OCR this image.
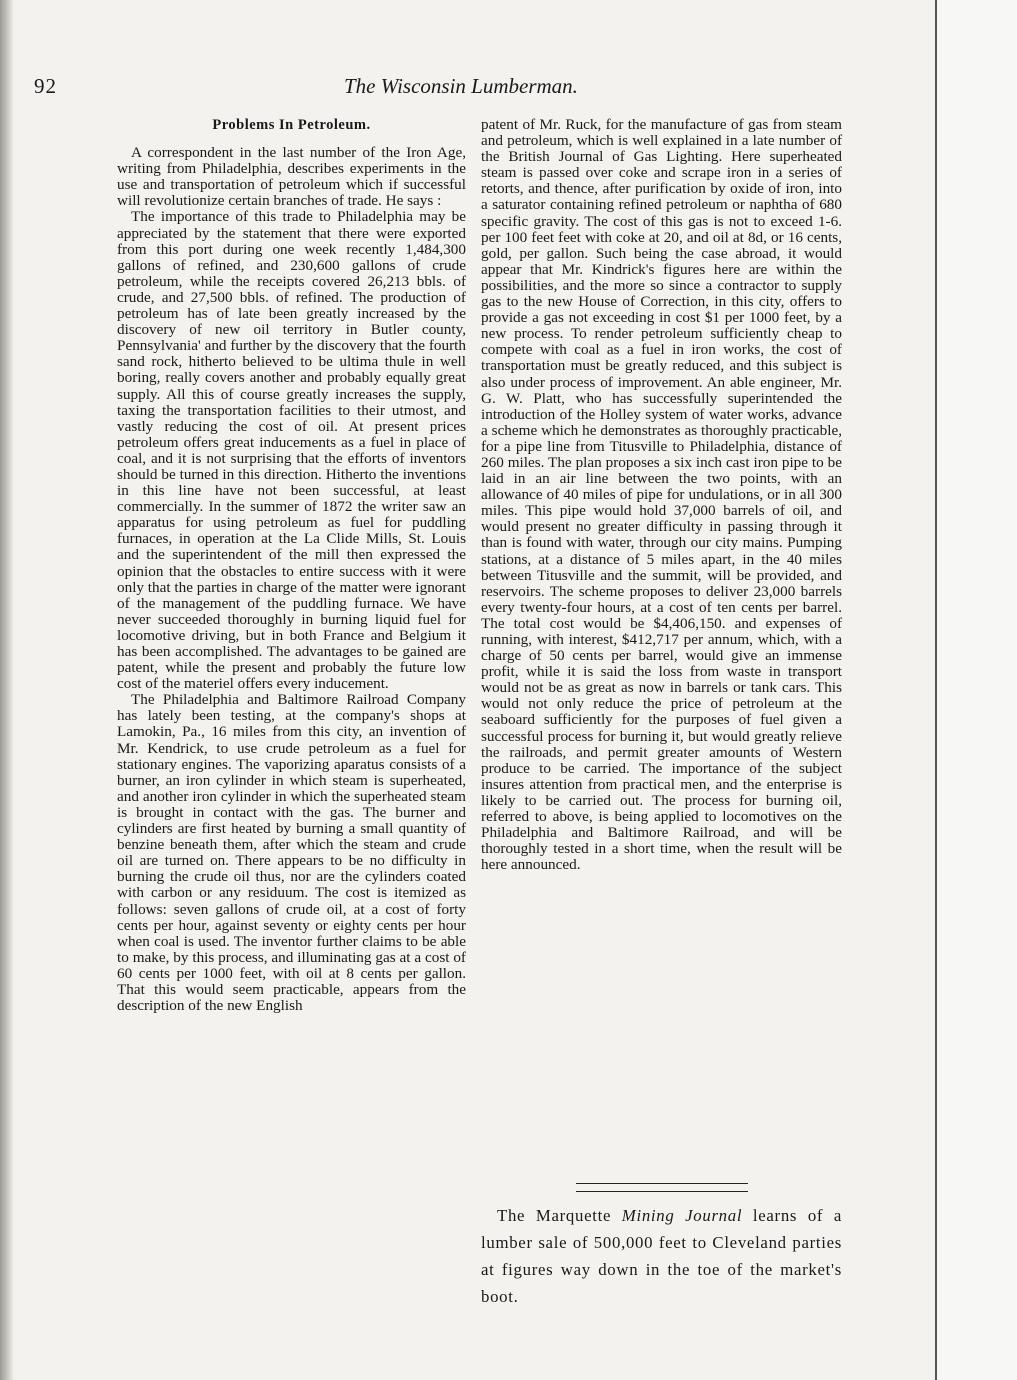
92	The Wisconsin Lumberman.
Problems In Petroleum.

A correspondent in the last number of the Iron Age, writing from Philadelphia, describes experiments in the use and transportation of petroleum which if successful will revolutionize certain branches of trade. He says :

The importance of this trade to Philadelphia may be appreciated by the statement that there were exported from this port during one week recently 1,484,300 gallons of refined, and 230,600 gallons of crude petroleum, while the receipts covered 26,213 bbls. of crude, and 27,500 bbls. of refined. The production of petroleum has of late been greatly increased by the discovery of new oil territory in Butler county, Pennsylvania' and further by the discovery that the fourth sand rock, hitherto believed to be ultima thule in well boring, really covers another and probably equally great supply. All this of course greatly increases the supply, taxing the transportation facilities to their utmost, and vastly reducing the cost of oil. At present prices petroleum offers great inducements as a fuel in place of coal, and it is not surprising that the efforts of inventors should be turned in this direction. Hitherto the inventions in this line have not been successful, at least commercially. In the summer of 1872 the writer saw an apparatus for using petroleum as fuel for puddling furnaces, in operation at the La Clide Mills, St. Louis and the superintendent of the mill then expressed the opinion that the obstacles to entire success with it were only that the parties in charge of the matter were ignorant of the management of the puddling furnace. We have never succeeded thoroughly in burning liquid fuel for locomotive driving, but in both France and Belgium it has been accomplished. The advantages to be gained are patent, while the present and probably the future low cost of the materiel offers every inducement.

The Philadelphia and Baltimore Railroad Company has lately been testing, at the company's shops at Lamokin, Pa., 16 miles from this city, an invention of Mr. Kendrick, to use crude petroleum as a fuel for stationary engines. The vaporizing aparatus consists of a burner, an iron cylinder in which steam is superheated, and another iron cylinder in which the superheated steam is brought in contact with the gas. The burner and cylinders are first heated by burning a small quantity of benzine beneath them, after which the steam and crude oil are turned on. There appears to be no difficulty in burning the crude oil thus, nor are the cylinders coated with carbon or any residuum. The cost is itemized as follows: seven gallons of crude oil, at a cost of forty cents per hour, against seventy or eighty cents per hour when coal is used. The inventor further claims to be able to make, by this process, and illuminating gas at a cost of 60 cents per 1000 feet, with oil at 8 cents per gallon. That this would seem practicable, appears from the description of the new English

patent of Mr. Ruck, for the manufacture of gas from steam and petroleum, which is well explained in a late number of the British Journal of Gas Lighting. Here superheated steam is passed over coke and scrape iron in a series of retorts, and thence, after purification by oxide of iron, into a saturator containing refined petroleum or naphtha of 680 specific gravity. The cost of this gas is not to exceed 1-6. per 100 feet feet with coke at 20, and oil at 8d, or 16 cents, gold, per gallon. Such being the case abroad, it would appear that Mr. Kindrick's figures here are within the possibilities, and the more so since a contractor to supply gas to the new House of Correction, in this city, offers to provide a gas not exceeding in cost $1 per 1000 feet, by a new process. To render petroleum sufficiently cheap to compete with coal as a fuel in iron works, the cost of transportation must be greatly reduced, and this subject is also under process of improvement. An able engineer, Mr. G. W. Platt, who has successfully superintended the introduction of the Holley system of water works, advance a scheme which he demonstrates as thoroughly practicable, for a pipe line from Titusville to Philadelphia, distance of 260 miles. The plan proposes a six inch cast iron pipe to be laid in an air line between the two points, with an allowance of 40 miles of pipe for undulations, or in all 300 miles. This pipe would hold 37,000 barrels of oil, and would present no greater difficulty in passing through it than is found with water, through our city mains. Pumping stations, at a distance of 5 miles apart, in the 40 miles between Titusville and the summit, will be provided, and reservoirs. The scheme proposes to deliver 23,000 barrels every twenty-four hours, at a cost of ten cents per barrel. The total cost would be $4,406,150. and expenses of running, with interest, $412,717 per annum, which, with a charge of 50 cents per barrel, would give an immense profit, while it is said the loss from waste in transport would not be as great as now in barrels or tank cars. This would not only reduce the price of petroleum at the seaboard sufficiently for the purposes of fuel given a successful process for burning it, but would greatly relieve the railroads, and permit greater amounts of Western produce to be carried. The importance of the subject insures attention from practical men, and the enterprise is likely to be carried out. The process for burning oil, referred to above, is being applied to locomotives on the Philadelphia and Baltimore Railroad, and will be thoroughly tested in a short time, when the result will be here announced.

The Marquette Mining Journal learns of a lumber sale of 500,000 feet to Cleveland parties at figures way down in the toe of the market's boot.
